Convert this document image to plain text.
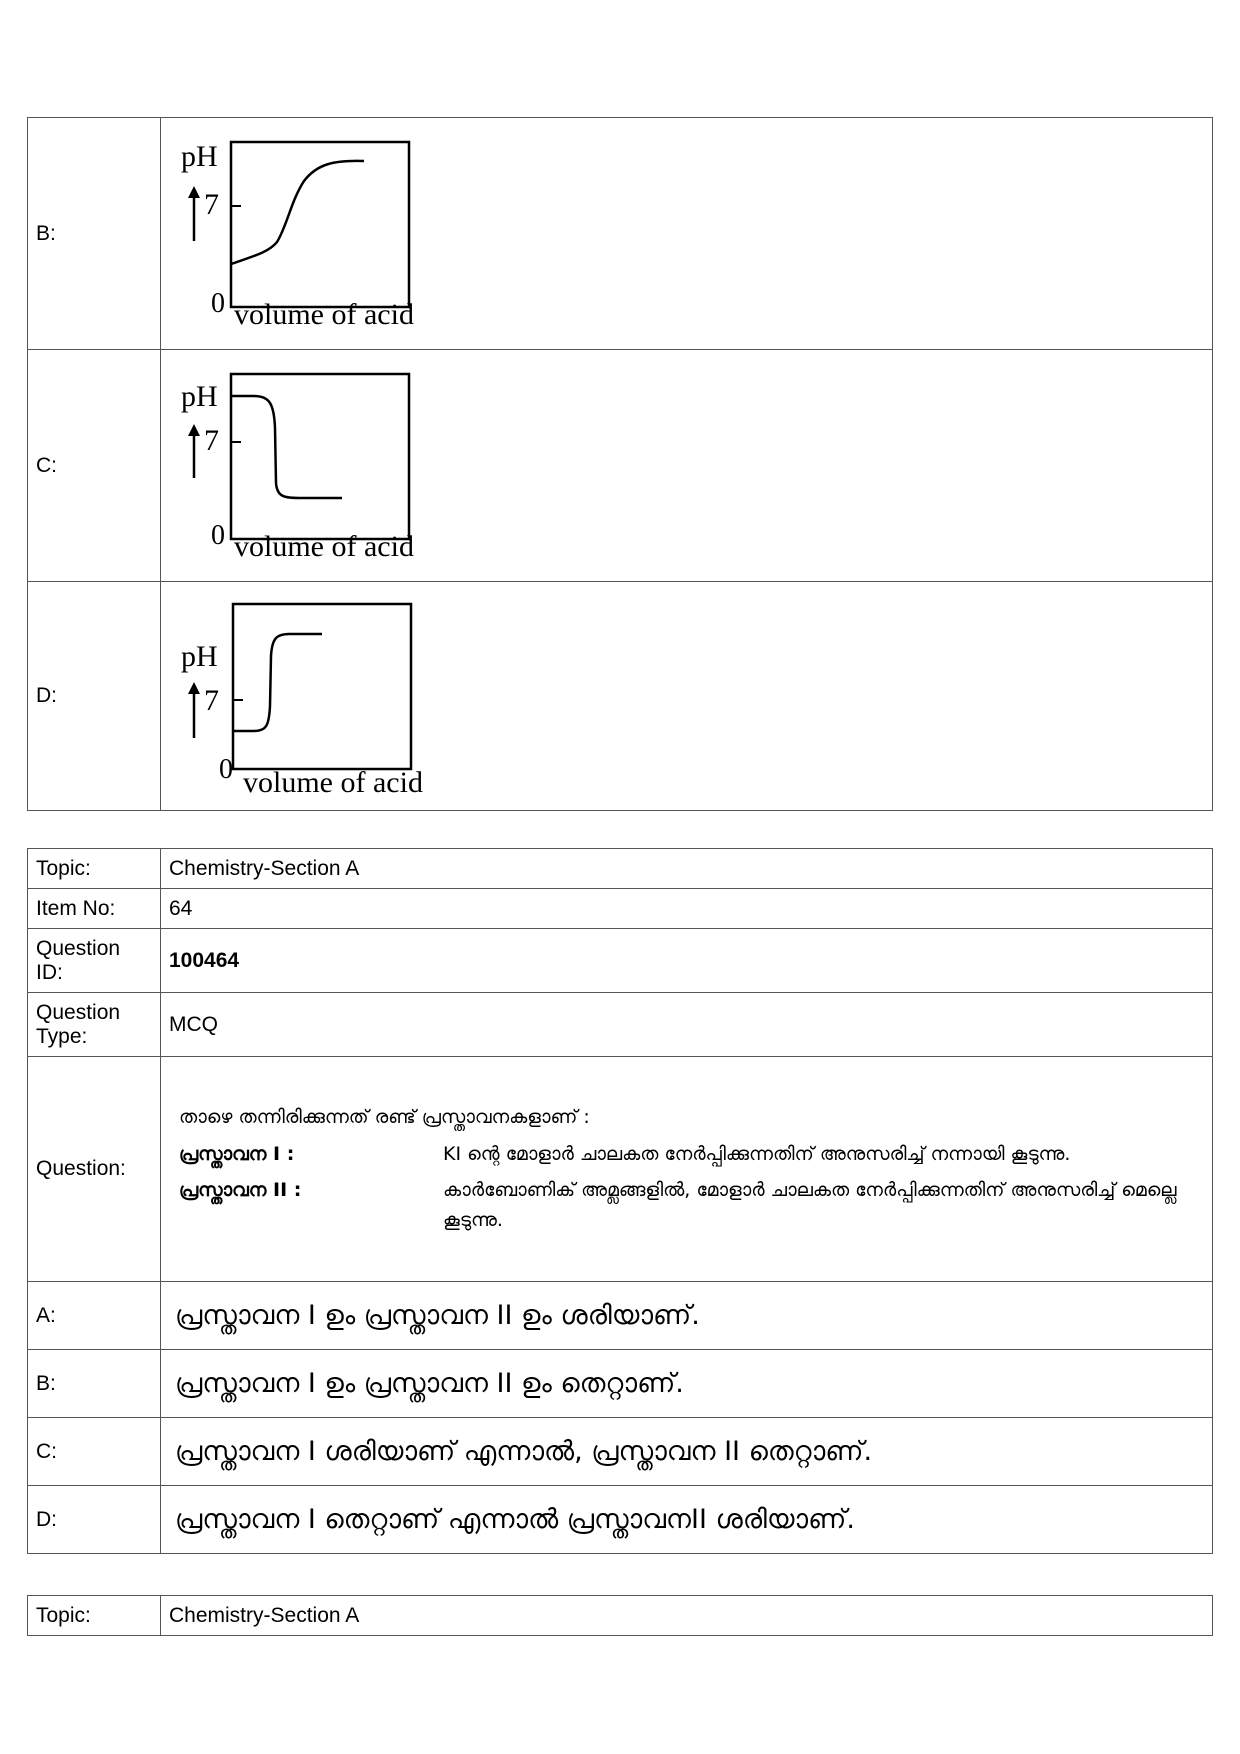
B:	pH
7
0 volume of acid

C:	pH
7
0 volume of acid

D:	pH
7
0 volume of acid
Topic:	Chemistry-Section A
Item No:	64
Question ID:	100464
Question Type:	MCQ
Question:	താഴെ തന്നിരിക്കുന്നത് രണ്ട് പ്രസ്താവനകളാണ് :
പ്രസ്താവന I : KI ന്റെ മോളാർ ചാലകത നേർപ്പിക്കുന്നതിന് അനുസരിച്ച് നന്നായി കൂടുന്നു.
പ്രസ്താവന II : കാർബോണിക് അമ്ലങ്ങളിൽ, മോളാർ ചാലകത നേർപ്പിക്കുന്നതിന് അനുസരിച്ച് മെല്ലെ കൂടുന്നു.

A:	പ്രസ്താവന I ഉം പ്രസ്താവന II ഉം ശരിയാണ്.
B:	പ്രസ്താവന I ഉം പ്രസ്താവന II ഉം തെറ്റാണ്.
C:	പ്രസ്താവന I ശരിയാണ് എന്നാൽ, പ്രസ്താവന II തെറ്റാണ്.
D:	പ്രസ്താവന I തെറ്റാണ് എന്നാൽ പ്രസ്താവനII ശരിയാണ്.
Topic:	Chemistry-Section A
